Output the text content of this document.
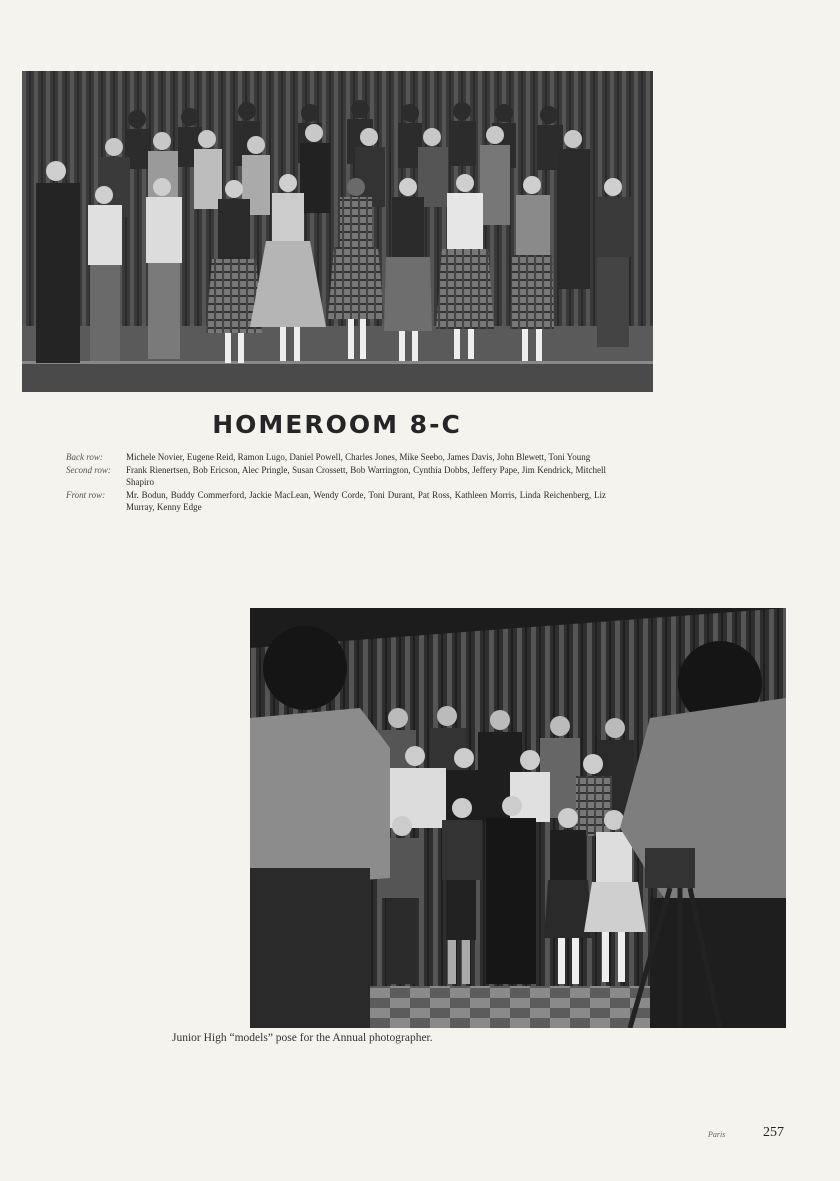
HOMEROOM 8-C
Back row:	Michele Novier, Eugene Reid, Ramon Lugo, Daniel Powell, Charles Jones, Mike Seebo, James Davis, John Blewett, Toni Young
Second row:	Frank Rienertsen, Bob Ericson, Alec Pringle, Susan Crossett, Bob Warrington, Cynthia Dobbs, Jeffery Pape, Jim Kendrick, Mitchell Shapiro
Front row:	Mr. Bodun, Buddy Commerford, Jackie MacLean, Wendy Corde, Toni Durant, Pat Ross, Kathleen Morris, Linda Reichenberg, Liz Murray, Kenny Edge
Junior High “models” pose for the Annual photographer.
Paris	257
